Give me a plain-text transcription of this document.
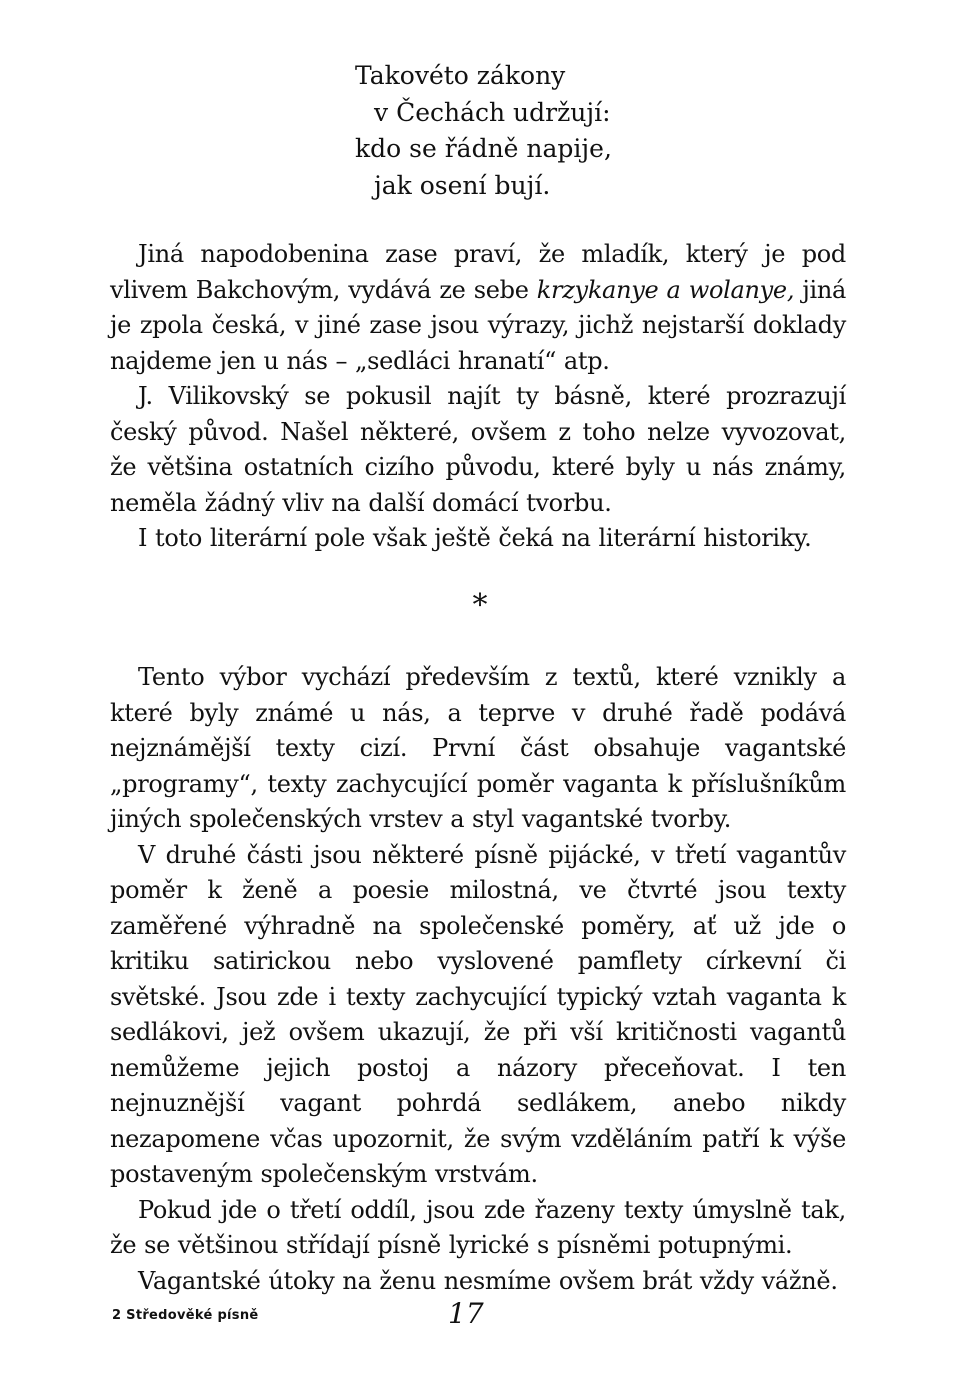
Takovéto zákony
v Čechách udržují:
kdo se řádně napije,
jak osení bují.

Jiná napodobenina zase praví, že mladík, který je pod vlivem Bakchovým, vydává ze sebe krzykanye a wolanye, jiná je zpola česká, v jiné zase jsou výrazy, jichž nejstarší doklady najdeme jen u nás – „sedláci hranatí“ atp.

J. Vilikovský se pokusil najít ty básně, které prozrazují český původ. Našel některé, ovšem z toho nelze vyvozovat, že většina ostatních cizího původu, které byly u nás známy, neměla žádný vliv na další domácí tvorbu.

I toto literární pole však ještě čeká na literární historiky.

*

Tento výbor vychází především z textů, které vznikly a které byly známé u nás, a teprve v druhé řadě podává nejznámější texty cizí. První část obsahuje vagantské „programy“, texty zachycující poměr vaganta k příslušníkům jiných společenských vrstev a styl vagantské tvorby.

V druhé části jsou některé písně pijácké, v třetí vagantův poměr k ženě a poesie milostná, ve čtvrté jsou texty zaměřené výhradně na společenské poměry, ať už jde o kritiku satirickou nebo vyslovené pamflety církevní či světské. Jsou zde i texty zachycující typický vztah vaganta k sedlákovi, jež ovšem ukazují, že při vší kritičnosti vagantů nemůžeme jejich postoj a názory přeceňovat. I ten nejnuznější vagant pohrdá sedlákem, anebo nikdy nezapomene včas upozornit, že svým vzděláním patří k výše postaveným společenským vrstvám.

Pokud jde o třetí oddíl, jsou zde řazeny texty úmyslně tak, že se většinou střídají písně lyrické s písněmi potupnými.

Vagantské útoky na ženu nesmíme ovšem brát vždy vážně.

2 Středověké písně	17
